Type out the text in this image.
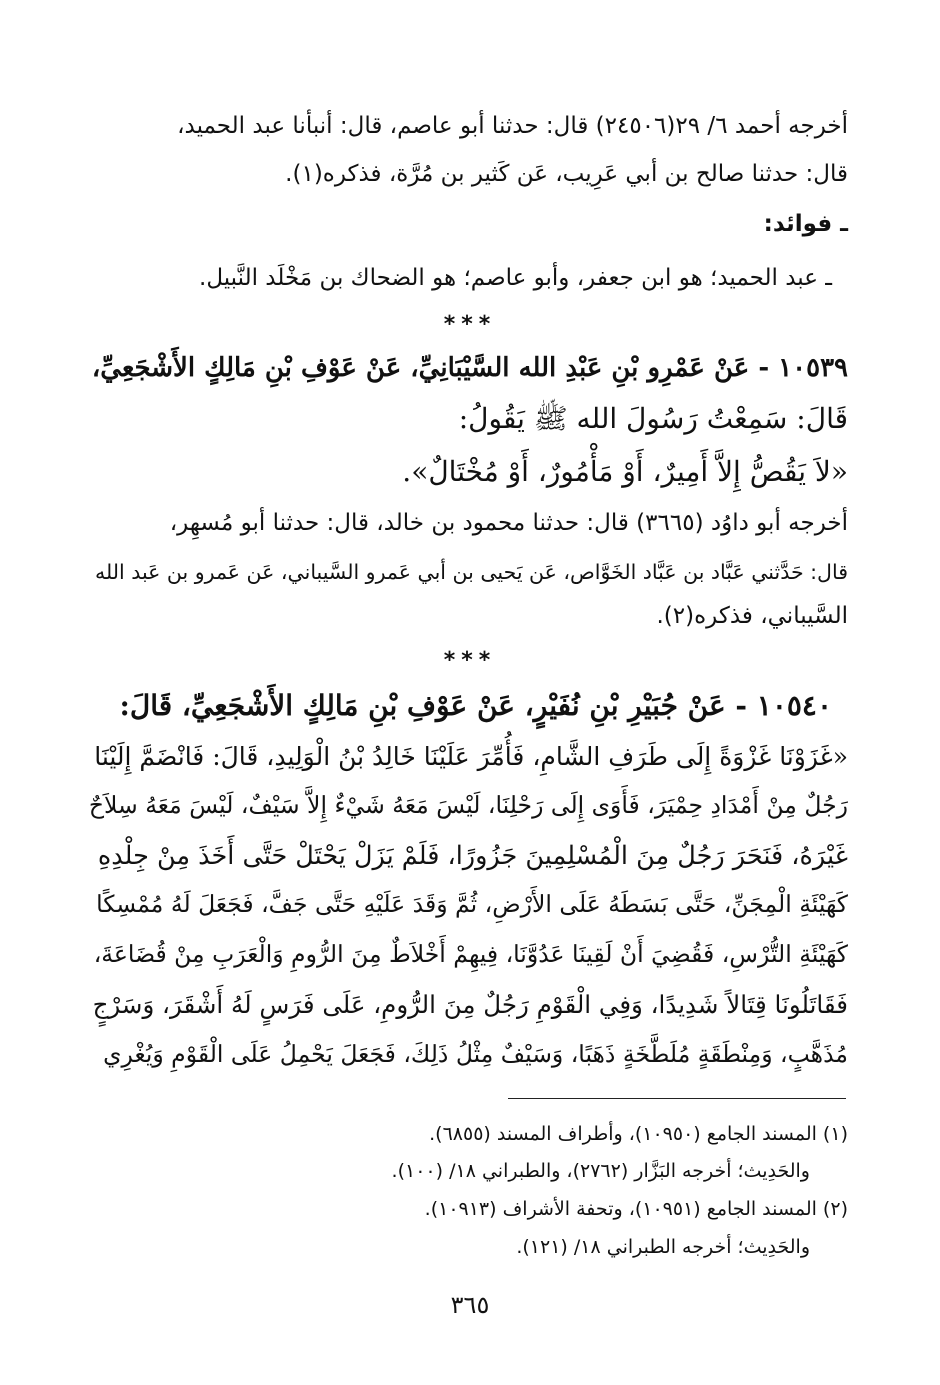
أخرجه أحمد ٦/ ٢٩(٢٤٥٠٦) قال: حدثنا أبو عاصم، قال: أنبأنا عبد الحميد،
قال: حدثنا صالح بن أبي عَرِيب، عَن كَثير بن مُرَّة، فذكره(١).
ـ فوائد:
ـ عبد الحميد؛ هو ابن جعفر، وأبو عاصم؛ هو الضحاك بن مَخْلَد النَّبيل.
***
١٠٥٣٩ - عَنْ عَمْرِو بْنِ عَبْدِ الله السَّيْبَانِيِّ، عَنْ عَوْفِ بْنِ مَالِكٍ الأَشْجَعِيِّ،
قَالَ: سَمِعْتُ رَسُولَ الله ﷺ يَقُولُ:
«لاَ يَقُصُّ إِلاَّ أَمِيرٌ، أَوْ مَأْمُورٌ، أَوْ مُخْتَالٌ».
أخرجه أبو داوُد (٣٦٦٥) قال: حدثنا محمود بن خالد، قال: حدثنا أبو مُسهِر،
قال: حَدَّثني عَبَّاد بن عَبَّاد الخَوَّاص، عَن يَحيى بن أبي عَمرو السَّيباني، عَن عَمرو بن عَبد الله
السَّيباني، فذكره(٢).
***
١٠٥٤٠ - عَنْ جُبَيْرِ بْنِ نُفَيْرٍ، عَنْ عَوْفِ بْنِ مَالِكٍ الأَشْجَعِيِّ، قَالَ:
«غَزَوْنَا غَزْوَةً إِلَى طَرَفِ الشَّامِ، فَأُمِّرَ عَلَيْنَا خَالِدُ بْنُ الْوَلِيدِ، قَالَ: فَانْضَمَّ إِلَيْنَا
رَجُلٌ مِنْ أَمْدَادِ حِمْيَرَ، فَأَوَى إِلَى رَحْلِنَا، لَيْسَ مَعَهُ شَيْءٌ إِلاَّ سَيْفٌ، لَيْسَ مَعَهُ سِلاَحٌ
غَيْرَهُ، فَنَحَرَ رَجُلٌ مِنَ الْمُسْلِمِينَ جَزُورًا، فَلَمْ يَزَلْ يَحْتَلْ حَتَّى أَخَذَ مِنْ جِلْدِهِ
كَهَيْئَةِ الْمِجَنِّ، حَتَّى بَسَطَهُ عَلَى الأَرْضِ، ثُمَّ وَقَدَ عَلَيْهِ حَتَّى جَفَّ، فَجَعَلَ لَهُ مُمْسِكًا
كَهَيْئَةِ التُّرْسِ، فَقُضِيَ أَنْ لَقِينَا عَدُوَّنَا، فِيهِمْ أَخْلاَطٌ مِنَ الرُّومِ وَالْعَرَبِ مِنْ قُضَاعَةَ،
فَقَاتَلُونَا قِتَالاً شَدِيدًا، وَفِي الْقَوْمِ رَجُلٌ مِنَ الرُّومِ، عَلَى فَرَسٍ لَهُ أَشْقَرَ، وَسَرْجٍ
مُذَهَّبٍ، وَمِنْطَقَةٍ مُلَطَّخَةٍ ذَهَبًا، وَسَيْفٌ مِثْلُ ذَلِكَ، فَجَعَلَ يَحْمِلُ عَلَى الْقَوْمِ وَيُغْرِي
(١) المسند الجامع (١٠٩٥٠)، وأطراف المسند (٦٨٥٥).
والحَدِيث؛ أخرجه البَزَّار (٢٧٦٢)، والطبراني ١٨/ (١٠٠).
(٢) المسند الجامع (١٠٩٥١)، وتحفة الأشراف (١٠٩١٣).
والحَدِيث؛ أخرجه الطبراني ١٨/ (١٢١).
٣٦٥
